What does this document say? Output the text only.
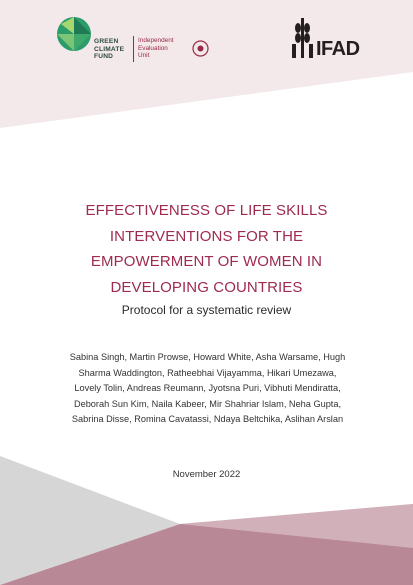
GREEN
CLIMATE
FUND
Independent
Evaluation
Unit	IFAD
EFFECTIVENESS OF LIFE SKILLS
INTERVENTIONS FOR THE
EMPOWERMENT OF WOMEN IN
DEVELOPING COUNTRIES
Protocol for a systematic review
Sabina Singh, Martin Prowse, Howard White, Asha Warsame, Hugh
Sharma Waddington, Ratheebhai Vijayamma, Hikari Umezawa,
Lovely Tolin, Andreas Reumann, Jyotsna Puri, Vibhuti Mendiratta,
Deborah Sun Kim, Naila Kabeer, Mir Shahriar Islam, Neha Gupta,
Sabrina Disse, Romina Cavatassi, Ndaya Beltchika, Aslihan Arslan
November 2022
